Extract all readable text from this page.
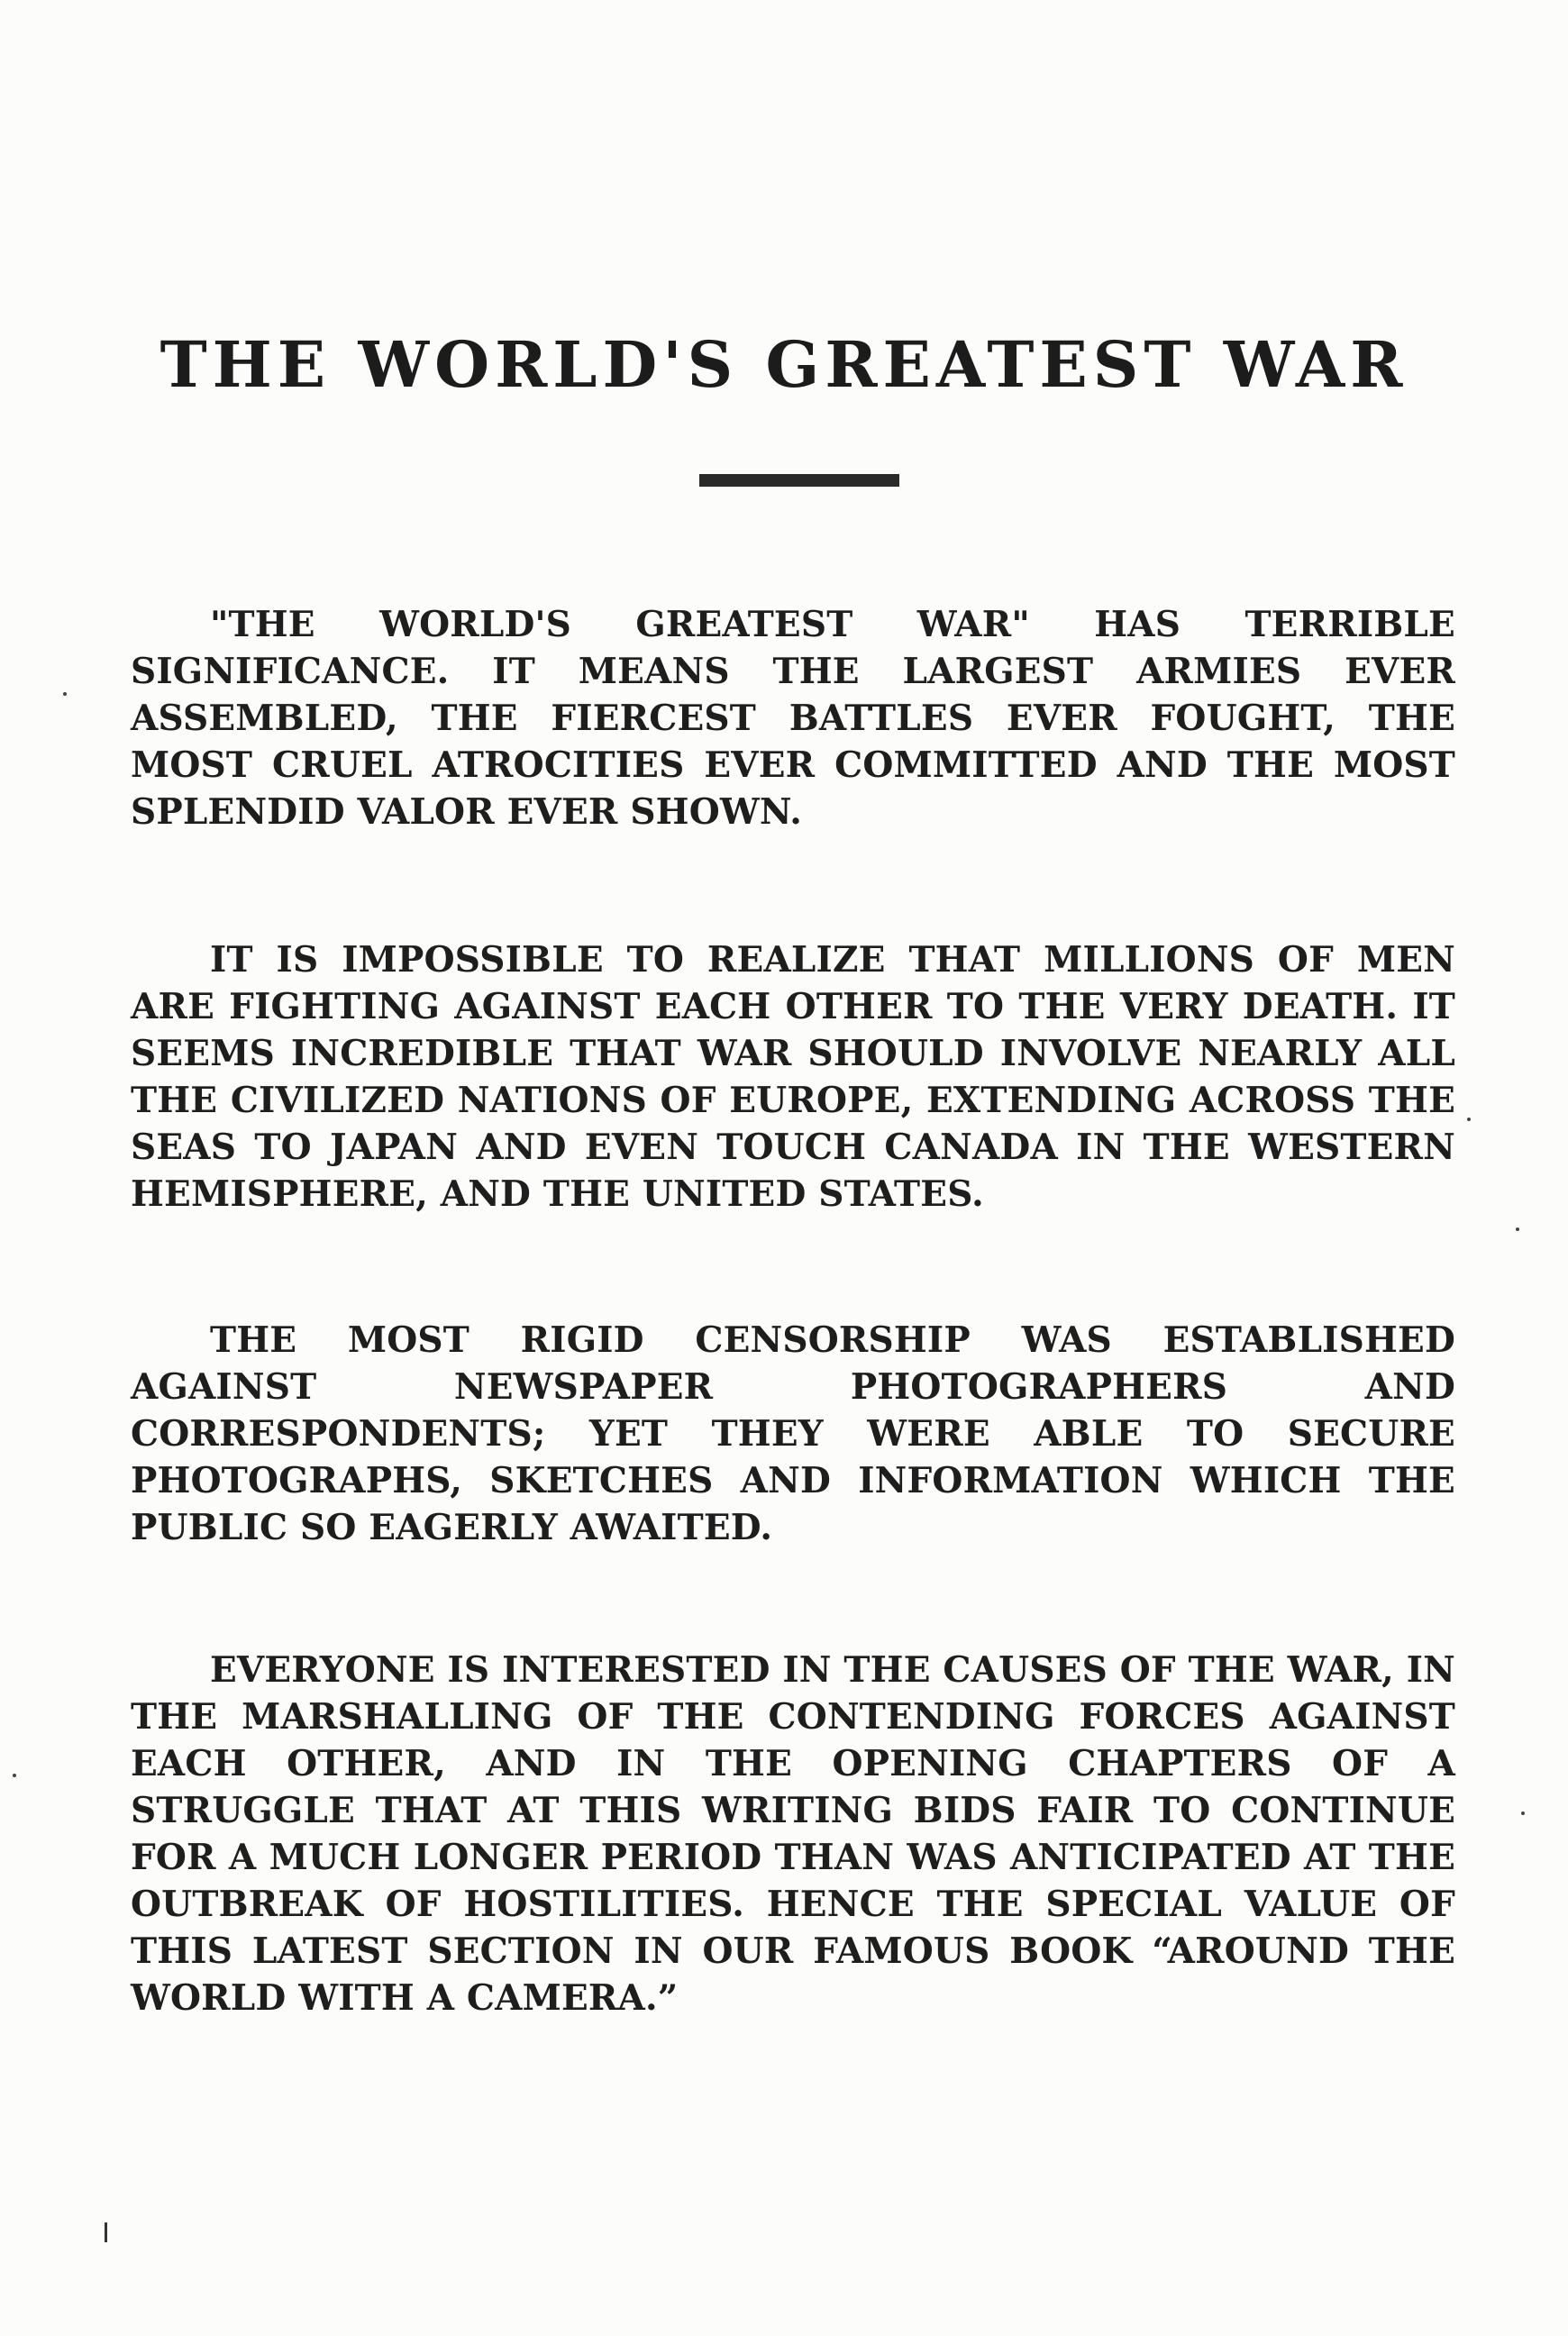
THE WORLD'S GREATEST WAR

"THE WORLD'S GREATEST WAR" HAS TERRIBLE SIGNIFICANCE. IT MEANS THE LARGEST ARMIES EVER ASSEMBLED, THE FIERCEST BATTLES EVER FOUGHT, THE MOST CRUEL ATROCITIES EVER COMMITTED AND THE MOST SPLENDID VALOR EVER SHOWN.

IT IS IMPOSSIBLE TO REALIZE THAT MILLIONS OF MEN ARE FIGHTING AGAINST EACH OTHER TO THE VERY DEATH. IT SEEMS INCREDIBLE THAT WAR SHOULD INVOLVE NEARLY ALL THE CIVILIZED NATIONS OF EUROPE, EXTENDING ACROSS THE SEAS TO JAPAN AND EVEN TOUCH CANADA IN THE WESTERN HEMISPHERE, AND THE UNITED STATES.

THE MOST RIGID CENSORSHIP WAS ESTABLISHED AGAINST NEWSPAPER PHOTOGRAPHERS AND CORRESPONDENTS; YET THEY WERE ABLE TO SECURE PHOTOGRAPHS, SKETCHES AND INFORMATION WHICH THE PUBLIC SO EAGERLY AWAITED.

EVERYONE IS INTERESTED IN THE CAUSES OF THE WAR, IN THE MARSHALLING OF THE CONTENDING FORCES AGAINST EACH OTHER, AND IN THE OPENING CHAPTERS OF A STRUGGLE THAT AT THIS WRITING BIDS FAIR TO CONTINUE FOR A MUCH LONGER PERIOD THAN WAS ANTICIPATED AT THE OUTBREAK OF HOSTILITIES. HENCE THE SPECIAL VALUE OF THIS LATEST SECTION IN OUR FAMOUS BOOK “AROUND THE WORLD WITH A CAMERA.”
